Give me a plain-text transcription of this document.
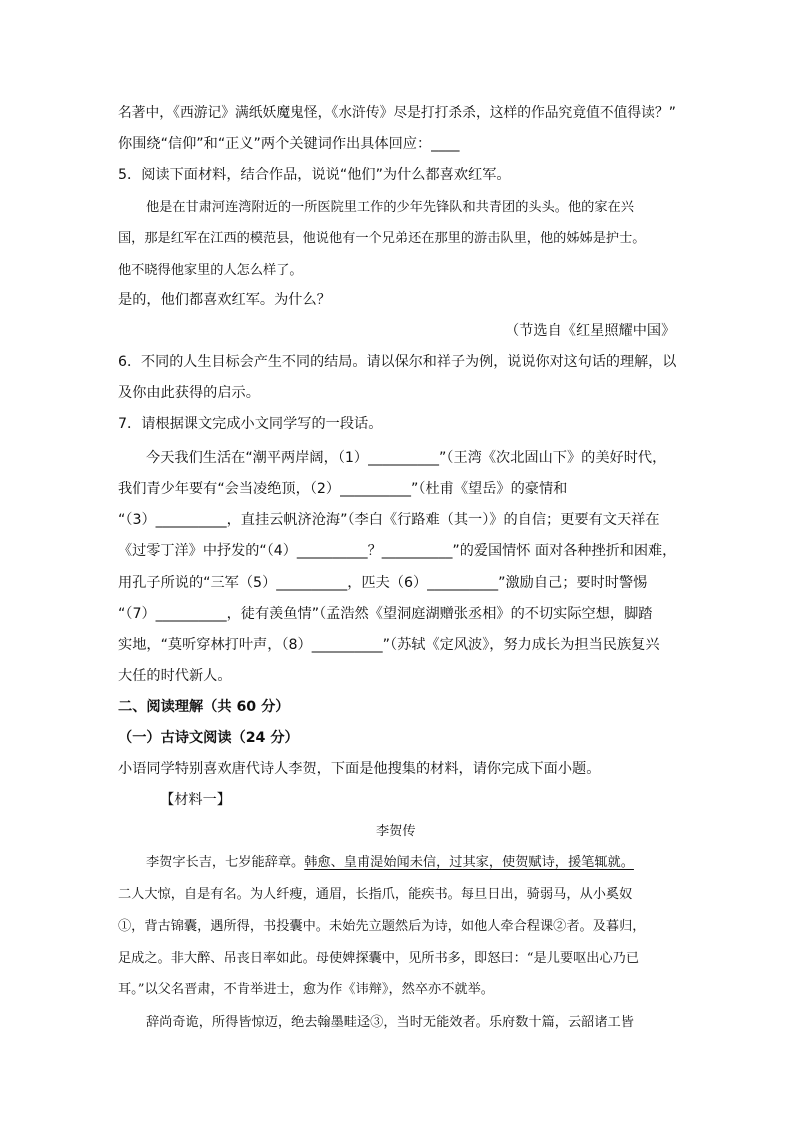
名著中，《西游记》满纸妖魔鬼怪，《水浒传》尽是打打杀杀，这样的作品究竟值不值得读？”
你围绕“信仰”和“正义”两个关键词作出具体回应：____
5．阅读下面材料，结合作品，说说“他们”为什么都喜欢红军。
他是在甘肃河连湾附近的一所医院里工作的少年先锋队和共青团的头头。他的家在兴
国，那是红军在江西的模范县，他说他有一个兄弟还在那里的游击队里，他的姊姊是护士。
他不晓得他家里的人怎么样了。
是的，他们都喜欢红军。为什么？
（节选自《红星照耀中国》
6．不同的人生目标会产生不同的结局。请以保尔和祥子为例，说说你对这句话的理解，以
及你由此获得的启示。
7．请根据课文完成小文同学写的一段话。
今天我们生活在“潮平两岸阔，（1）__________”（王湾《次北固山下》的美好时代，
我们青少年要有“会当凌绝顶，（2）__________”（杜甫《望岳》的豪情和
“（3）__________，直挂云帆济沧海”（李白《行路难（其一）》的自信；更要有文天祥在
《过零丁洋》中抒发的“（4）__________？__________”的爱国情怀 面对各种挫折和困难，
用孔子所说的“三军（5）__________，匹夫（6）__________”激励自己；要时时警惕
“（7）__________，徒有羡鱼情”（孟浩然《望洞庭湖赠张丞相》的不切实际空想，脚踏
实地，“莫听穿林打叶声，（8）__________”（苏轼《定风波》，努力成长为担当民族复兴
大任的时代新人。
二、阅读理解（共 60 分）
（一）古诗文阅读（24 分）
小语同学特别喜欢唐代诗人李贺，下面是他搜集的材料，请你完成下面小题。
【材料一】
李贺传
李贺字长吉，七岁能辞章。韩愈、皇甫湜始闻未信，过其家，使贺赋诗，援笔辄就。
二人大惊，自是有名。为人纤瘦，通眉，长指爪，能疾书。每旦日出，骑弱马，从小奚奴
①，背古锦囊，遇所得，书投囊中。未始先立题然后为诗，如他人牵合程课②者。及暮归，
足成之。非大醉、吊丧日率如此。母使婢探囊中，见所书多，即怒曰：“是儿要呕出心乃已
耳。”以父名晋肃，不肯举进士，愈为作《讳辩》，然卒亦不就举。
辞尚奇诡，所得皆惊迈，绝去翰墨畦迳③，当时无能效者。乐府数十篇，云韶诸工皆
